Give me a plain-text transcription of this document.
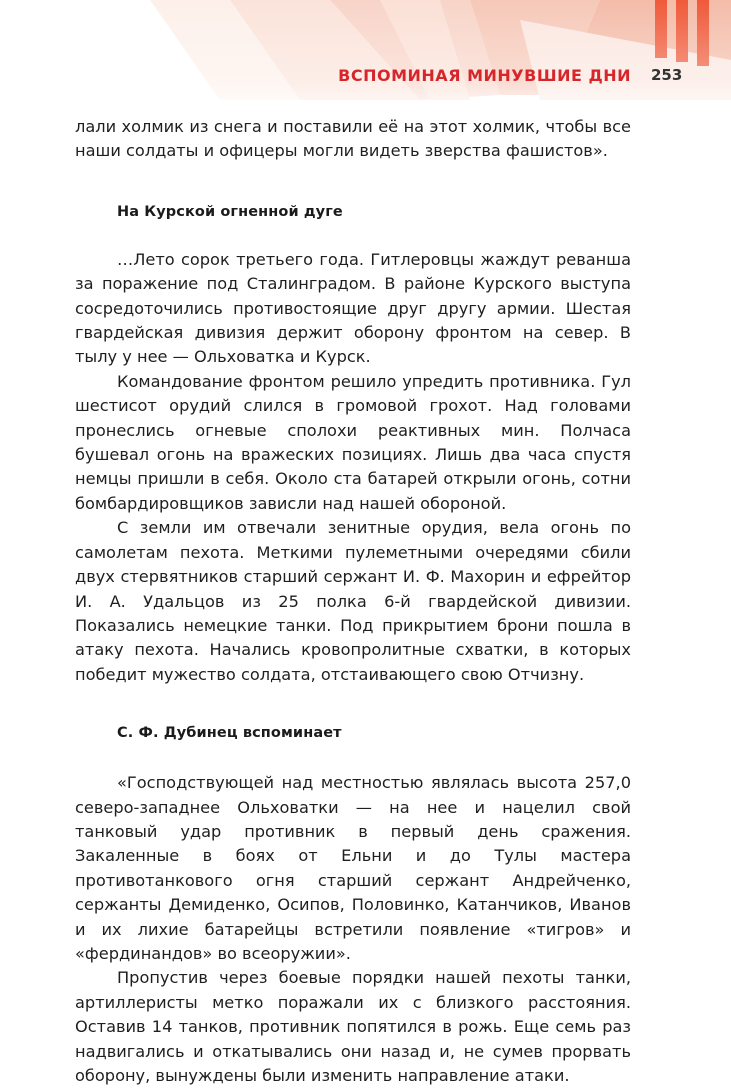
ВСПОМИНАЯ МИНУВШИЕ ДНИ 253

лали холмик из снега и поставили её на этот холмик, чтобы все наши солдаты и офицеры могли видеть зверства фашистов».

На Курской огненной дуге

…Лето сорок третьего года. Гитлеровцы жаждут реванша за поражение под Сталинградом. В районе Курского выступа сосредоточились противостоящие друг другу армии. Шестая гвардейская дивизия держит оборону фронтом на север. В тылу у нее — Ольховатка и Курск.

Командование фронтом решило упредить противника. Гул шестисот орудий слился в громовой грохот. Над головами пронеслись огневые сполохи реактивных мин. Полчаса бушевал огонь на вражеских позициях. Лишь два часа спустя немцы пришли в себя. Около ста батарей открыли огонь, сотни бомбардировщиков зависли над нашей обороной.

С земли им отвечали зенитные орудия, вела огонь по самолетам пехота. Меткими пулеметными очередями сбили двух стервятников старший сержант И. Ф. Махорин и ефрейтор И. А. Удальцов из 25 полка 6-й гвардейской дивизии. Показались немецкие танки. Под прикрытием брони пошла в атаку пехота. Начались кровопролитные схватки, в которых победит мужество солдата, отстаивающего свою Отчизну.

С. Ф. Дубинец вспоминает

«Господствующей над местностью являлась высота 257,0 северо-западнее Ольховатки — на нее и нацелил свой танковый удар противник в первый день сражения. Закаленные в боях от Ельни и до Тулы мастера противотанкового огня старший сержант Андрейченко, сержанты Демиденко, Осипов, Половинко, Катанчиков, Иванов и их лихие батарейцы встретили появление «тигров» и «фердинандов» во всеоружии».

Пропустив через боевые порядки нашей пехоты танки, артиллеристы метко поражали их с близкого расстояния. Оставив 14 танков, противник попятился в рожь. Еще семь раз надвигались и откатывались они назад и, не сумев прорвать оборону, вынуждены были изменить направление атаки.
